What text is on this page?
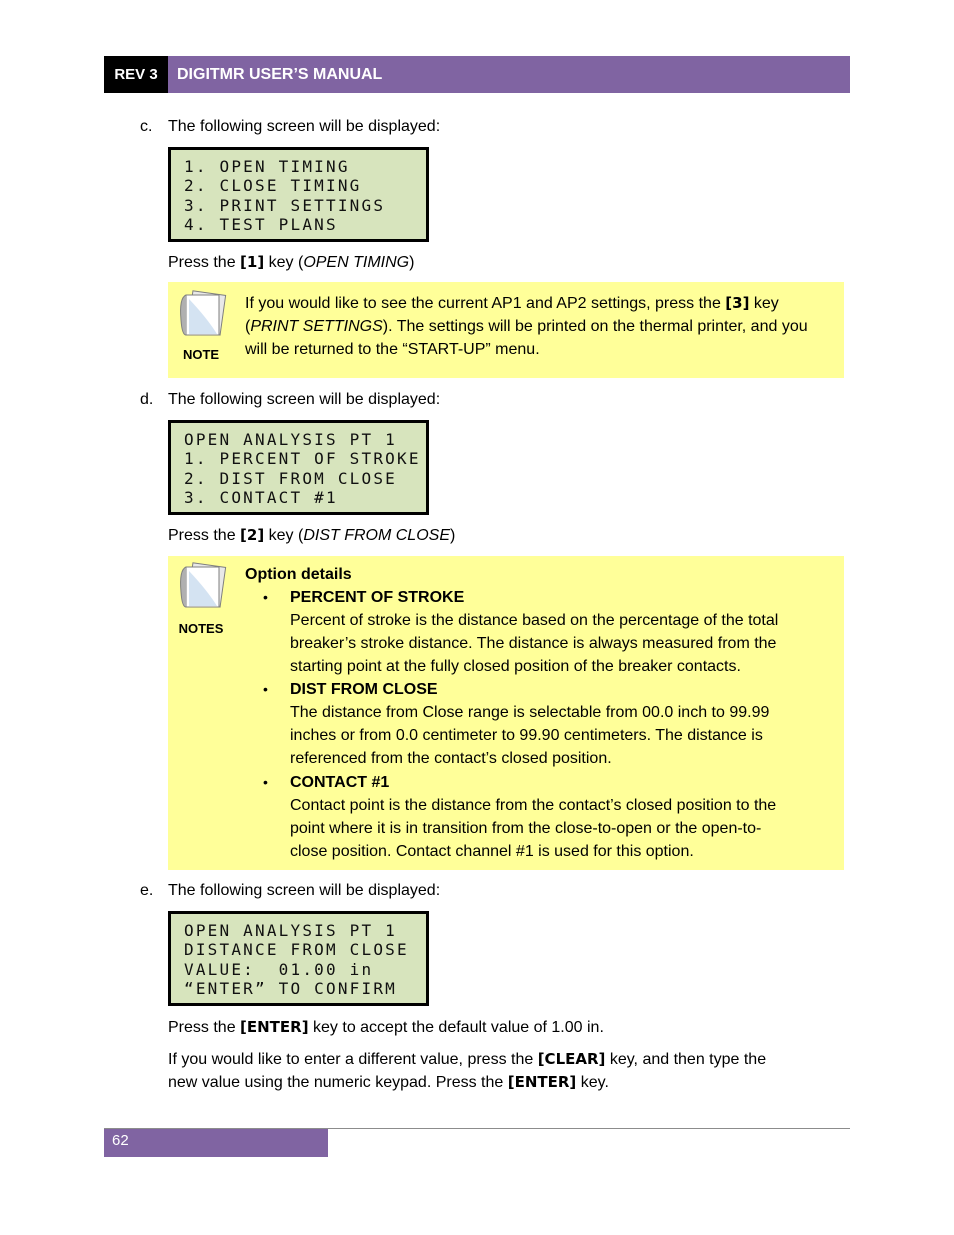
REV 3	DIGITMR USER’S MANUAL
c. The following screen will be displayed:
1. OPEN TIMING
2. CLOSE TIMING
3. PRINT SETTINGS
4. TEST PLANS
Press the [1] key (OPEN TIMING)
NOTE
If you would like to see the current AP1 and AP2 settings, press the [3] key
(PRINT SETTINGS). The settings will be printed on the thermal printer, and you
will be returned to the “START-UP” menu.
d. The following screen will be displayed:
OPEN ANALYSIS PT 1
1. PERCENT OF STROKE
2. DIST FROM CLOSE
3. CONTACT #1
Press the [2] key (DIST FROM CLOSE)
NOTES
Option details
• PERCENT OF STROKE
Percent of stroke is the distance based on the percentage of the total
breaker’s stroke distance. The distance is always measured from the
starting point at the fully closed position of the breaker contacts.
• DIST FROM CLOSE
The distance from Close range is selectable from 00.0 inch to 99.99
inches or from 0.0 centimeter to 99.90 centimeters. The distance is
referenced from the contact’s closed position.
• CONTACT #1
Contact point is the distance from the contact’s closed position to the
point where it is in transition from the close-to-open or the open-to-
close position. Contact channel #1 is used for this option.
e. The following screen will be displayed:
OPEN ANALYSIS PT 1
DISTANCE FROM CLOSE
VALUE:  01.00 in
“ENTER” TO CONFIRM
Press the [ENTER] key to accept the default value of 1.00 in.
If you would like to enter a different value, press the [CLEAR] key, and then type the
new value using the numeric keypad. Press the [ENTER] key.
62
